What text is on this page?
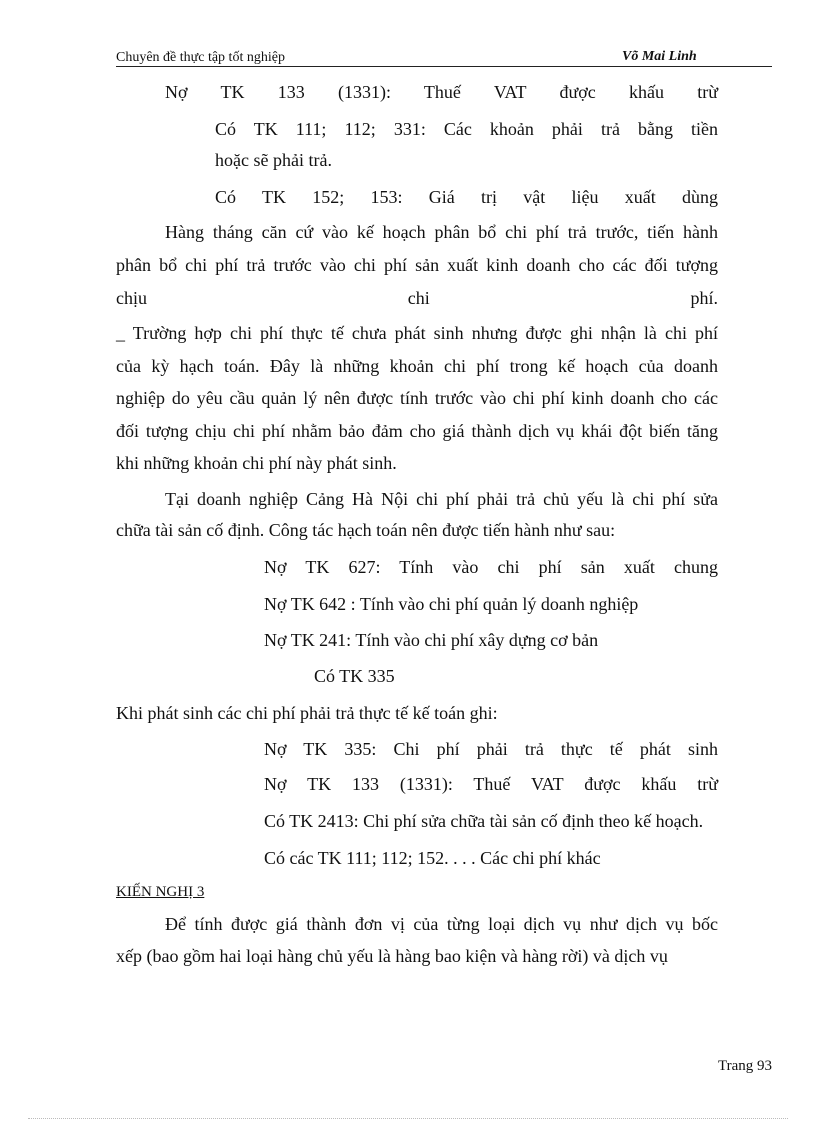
Chuyên đề thực tập tốt nghiệp	Võ Mai Linh
Nợ TK 133 (1331): Thuế VAT được khấu trừ
Có TK 111; 112; 331: Các khoản phải trả bằng tiền
hoặc sẽ phải trả.
Có TK 152; 153: Giá trị vật liệu xuất dùng
Hàng tháng căn cứ vào kế hoạch phân bổ chi phí trả trước, tiến hành
phân bổ chi phí trả trước vào chi phí sản xuất kinh doanh cho các đối tượng
chịu chi phí.
_ Trường hợp chi phí thực tế chưa phát sinh nhưng được ghi nhận là chi phí
của kỳ hạch toán. Đây là những khoản chi phí trong kế hoạch của doanh
nghiệp do yêu cầu quản lý nên được tính trước vào chi phí kinh doanh cho các
đối tượng chịu chi phí nhằm bảo đảm cho giá thành dịch vụ khái đột biến tăng
khi những khoản chi phí này phát sinh.
Tại doanh nghiệp Cảng Hà Nội chi phí phải trả chủ yếu là chi phí sửa
chữa tài sản cố định. Công tác hạch toán nên được tiến hành như sau:
Nợ TK 627: Tính vào chi phí sản xuất chung
Nợ TK 642 : Tính vào chi phí quản lý doanh nghiệp
Nợ TK 241: Tính vào chi phí xây dựng cơ bản
Có TK 335
Khi phát sinh các chi phí phải trả thực tế kế toán ghi:
Nợ TK 335: Chi phí phải trả thực tế phát sinh
Nợ TK 133 (1331): Thuế VAT được khấu trừ
Có TK 2413: Chi phí sửa chữa tài sản cố định theo kế hoạch.
Có các TK 111; 112; 152. . . . Các chi phí khác
KIẾN NGHỊ 3
Để tính được giá thành đơn vị của từng loại dịch vụ như dịch vụ bốc
xếp (bao gồm hai loại hàng chủ yếu là hàng bao kiện và hàng rời) và dịch vụ
Trang 93
